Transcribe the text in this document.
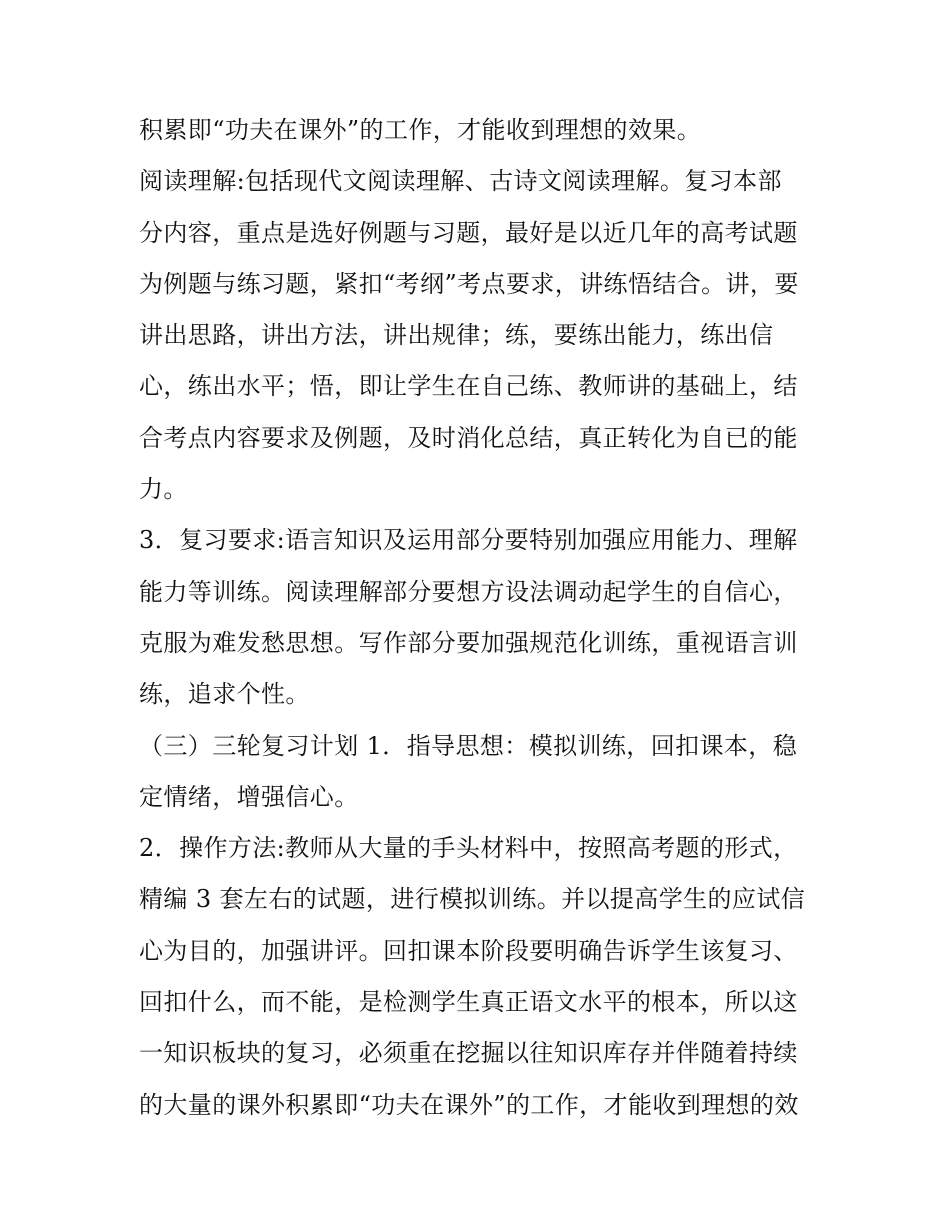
积累即“功夫在课外”的工作，才能收到理想的效果。
阅读理解:包括现代文阅读理解、古诗文阅读理解。复习本部
分内容，重点是选好例题与习题，最好是以近几年的高考试题
为例题与练习题，紧扣“考纲”考点要求，讲练悟结合。讲，要
讲出思路，讲出方法，讲出规律；练，要练出能力，练出信
心，练出水平；悟，即让学生在自己练、教师讲的基础上，结
合考点内容要求及例题，及时消化总结，真正转化为自已的能
力。
3．复习要求:语言知识及运用部分要特别加强应用能力、理解
能力等训练。阅读理解部分要想方设法调动起学生的自信心，
克服为难发愁思想。写作部分要加强规范化训练，重视语言训
练，追求个性。
（三）三轮复习计划 1．指导思想：模拟训练，回扣课本，稳
定情绪，增强信心。
2．操作方法:教师从大量的手头材料中，按照高考题的形式，
精编 3 套左右的试题，进行模拟训练。并以提高学生的应试信
心为目的，加强讲评。回扣课本阶段要明确告诉学生该复习、
回扣什么，而不能，是检测学生真正语文水平的根本，所以这
一知识板块的复习，必须重在挖掘以往知识库存并伴随着持续
的大量的课外积累即“功夫在课外”的工作，才能收到理想的效
